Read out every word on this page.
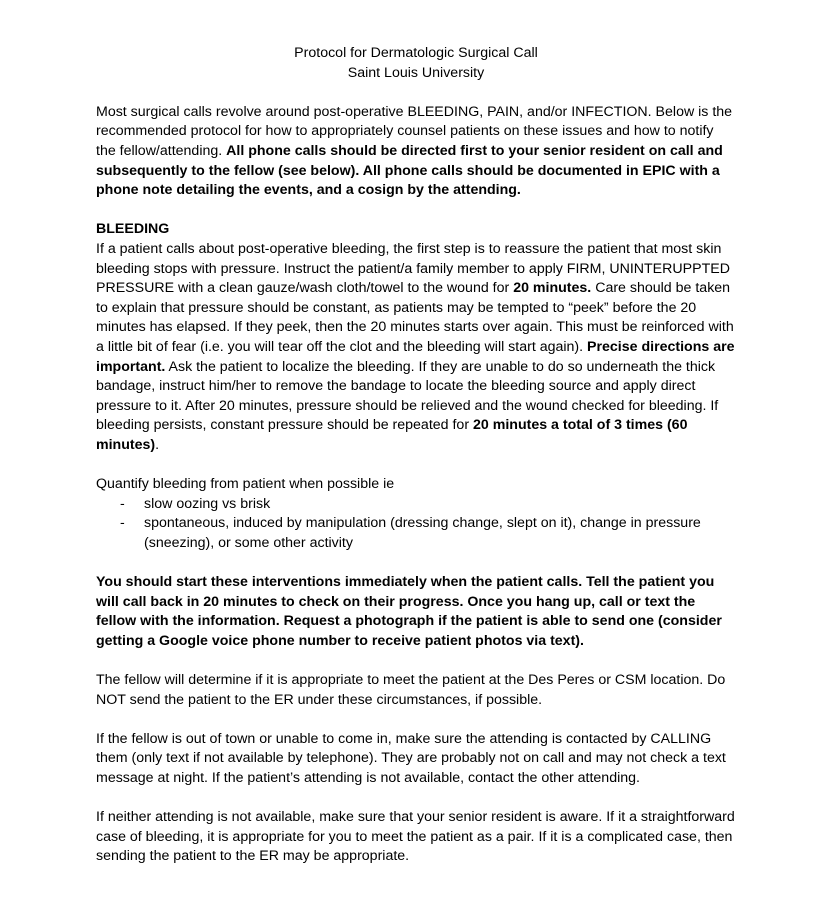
Protocol for Dermatologic Surgical Call

Saint Louis University

Most surgical calls revolve around post-operative BLEEDING, PAIN, and/or INFECTION. Below is the recommended protocol for how to appropriately counsel patients on these issues and how to notify the fellow/attending. All phone calls should be directed first to your senior resident on call and subsequently to the fellow (see below). All phone calls should be documented in EPIC with a phone note detailing the events, and a cosign by the attending.

BLEEDING

If a patient calls about post-operative bleeding, the first step is to reassure the patient that most skin bleeding stops with pressure. Instruct the patient/a family member to apply FIRM, UNINTERUPPTED PRESSURE with a clean gauze/wash cloth/towel to the wound for 20 minutes. Care should be taken to explain that pressure should be constant, as patients may be tempted to “peek” before the 20 minutes has elapsed. If they peek, then the 20 minutes starts over again. This must be reinforced with a little bit of fear (i.e. you will tear off the clot and the bleeding will start again). Precise directions are important. Ask the patient to localize the bleeding. If they are unable to do so underneath the thick bandage, instruct him/her to remove the bandage to locate the bleeding source and apply direct pressure to it. After 20 minutes, pressure should be relieved and the wound checked for bleeding. If bleeding persists, constant pressure should be repeated for 20 minutes a total of 3 times (60 minutes).

Quantify bleeding from patient when possible ie

- slow oozing vs brisk
- spontaneous, induced by manipulation (dressing change, slept on it), change in pressure (sneezing), or some other activity

You should start these interventions immediately when the patient calls. Tell the patient you will call back in 20 minutes to check on their progress. Once you hang up, call or text the fellow with the information. Request a photograph if the patient is able to send one (consider getting a Google voice phone number to receive patient photos via text).

The fellow will determine if it is appropriate to meet the patient at the Des Peres or CSM location. Do NOT send the patient to the ER under these circumstances, if possible.

If the fellow is out of town or unable to come in, make sure the attending is contacted by CALLING them (only text if not available by telephone). They are probably not on call and may not check a text message at night. If the patient’s attending is not available, contact the other attending.

If neither attending is not available, make sure that your senior resident is aware. If it a straightforward case of bleeding, it is appropriate for you to meet the patient as a pair. If it is a complicated case, then sending the patient to the ER may be appropriate.
